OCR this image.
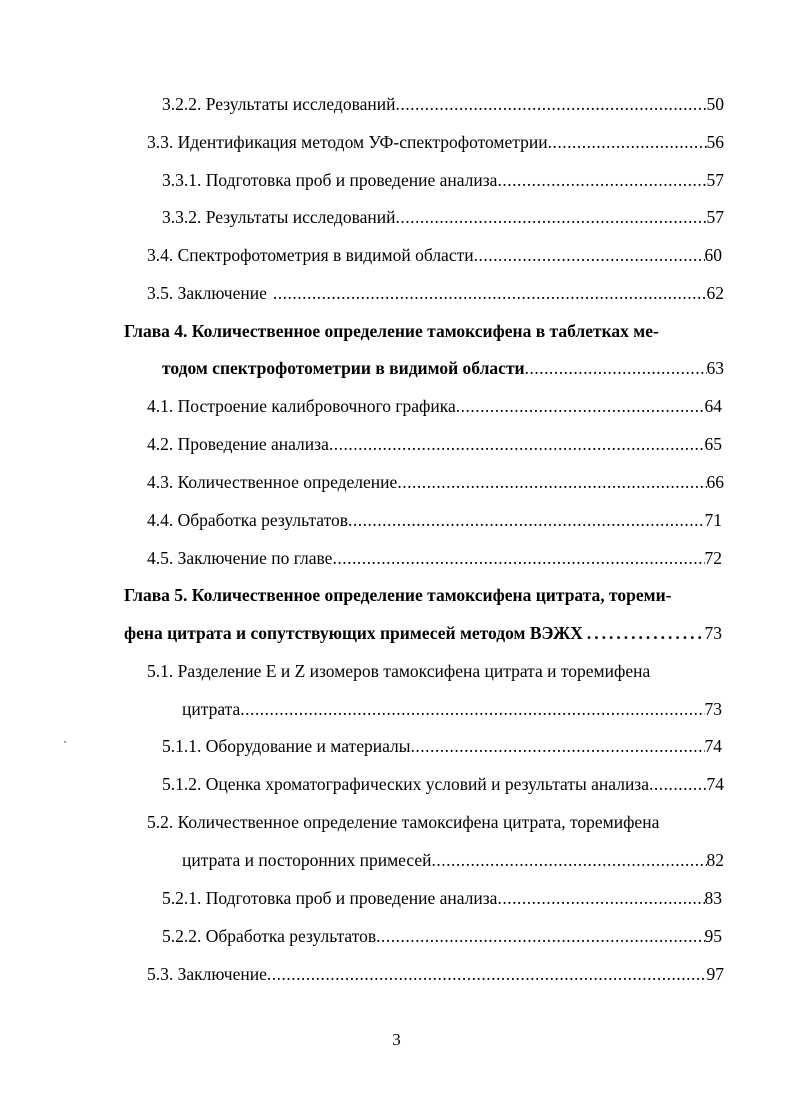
3.2.2. Результаты исследований .....	50
3.3. Идентификация методом УФ-спектрофотометрии .....	56
3.3.1. Подготовка проб и проведение анализа .....	57
3.3.2. Результаты исследований .....	57
3.4. Спектрофотометрия в видимой области .....	60
3.5. Заключение .....	62
Глава 4. Количественное определение тамоксифена в таблетках ме-
тодом спектрофотометрии в видимой области .....	63
4.1. Построение калибровочного графика .....	64
4.2. Проведение анализа .....	65
4.3. Количественное определение .....	66
4.4. Обработка результатов .....	71
4.5. Заключение по главе .....	72
Глава 5. Количественное определение тамоксифена цитрата, тореми-
фена цитрата и сопутствующих примесей методом ВЭЖХ .....	73
5.1. Разделение E и Z изомеров тамоксифена цитрата и торемифена
цитрата .....	73
5.1.1. Оборудование и материалы .....	74
5.1.2. Оценка хроматографических условий и результаты анализа .....	74
5.2. Количественное определение тамоксифена цитрата, торемифена
цитрата и посторонних примесей .....	82
5.2.1. Подготовка проб и проведение анализа .....	83
5.2.2. Обработка результатов .....	95
5.3. Заключение .....	97
3
